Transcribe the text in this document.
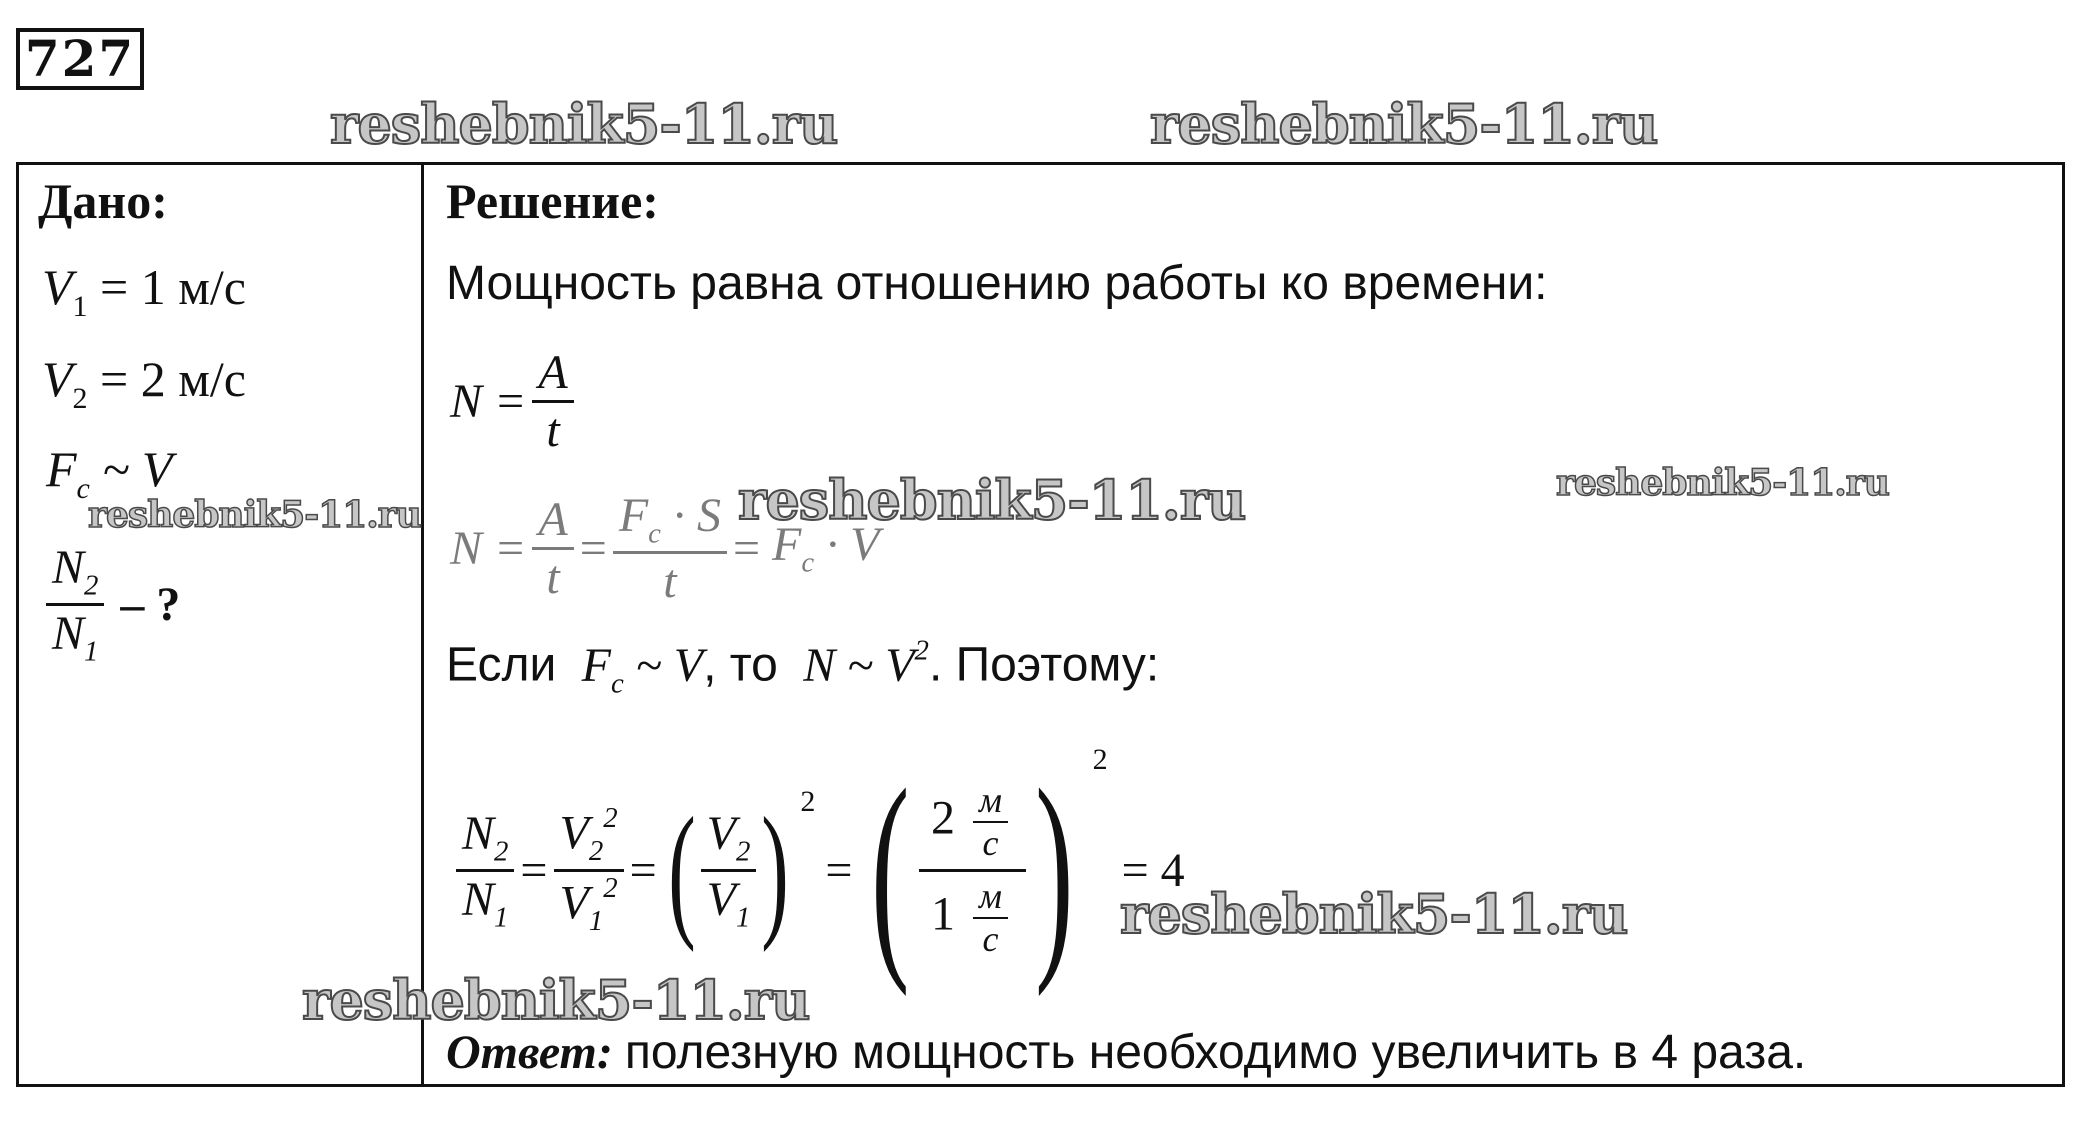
727
reshebnik5-11.ru	reshebnik5-11.ru
Дано:
$V_1 = 1$ м/с
$V_2 = 2$ м/с
$F_c$ ~ V
reshebnik5-11.ru
$\frac{N_2}{N_1}$ – ?
Решение:
Мощность равна отношению работы ко времени:
$N = \frac{A}{t}$
reshebnik5-11.ru	reshebnik5-11.ru
$N = \frac{A}{t} = \frac{F_c \cdot S}{t} = F_c \cdot V$
Если $F_c$ ~ V, то N ~ $V^2$. Поэтому:
$\frac{N_2}{N_1} = \frac{V_2^2}{V_1^2}$ = ( $\frac{V_2}{V_1}$ ) 2
= ( $\frac{2 \frac{м}{с}}{1 \frac{м}{с}}$ ) 2
= 4
reshebnik5-11.ru
reshebnik5-11.ru
Ответ: полезную мощность необходимо увеличить в 4 раза.
